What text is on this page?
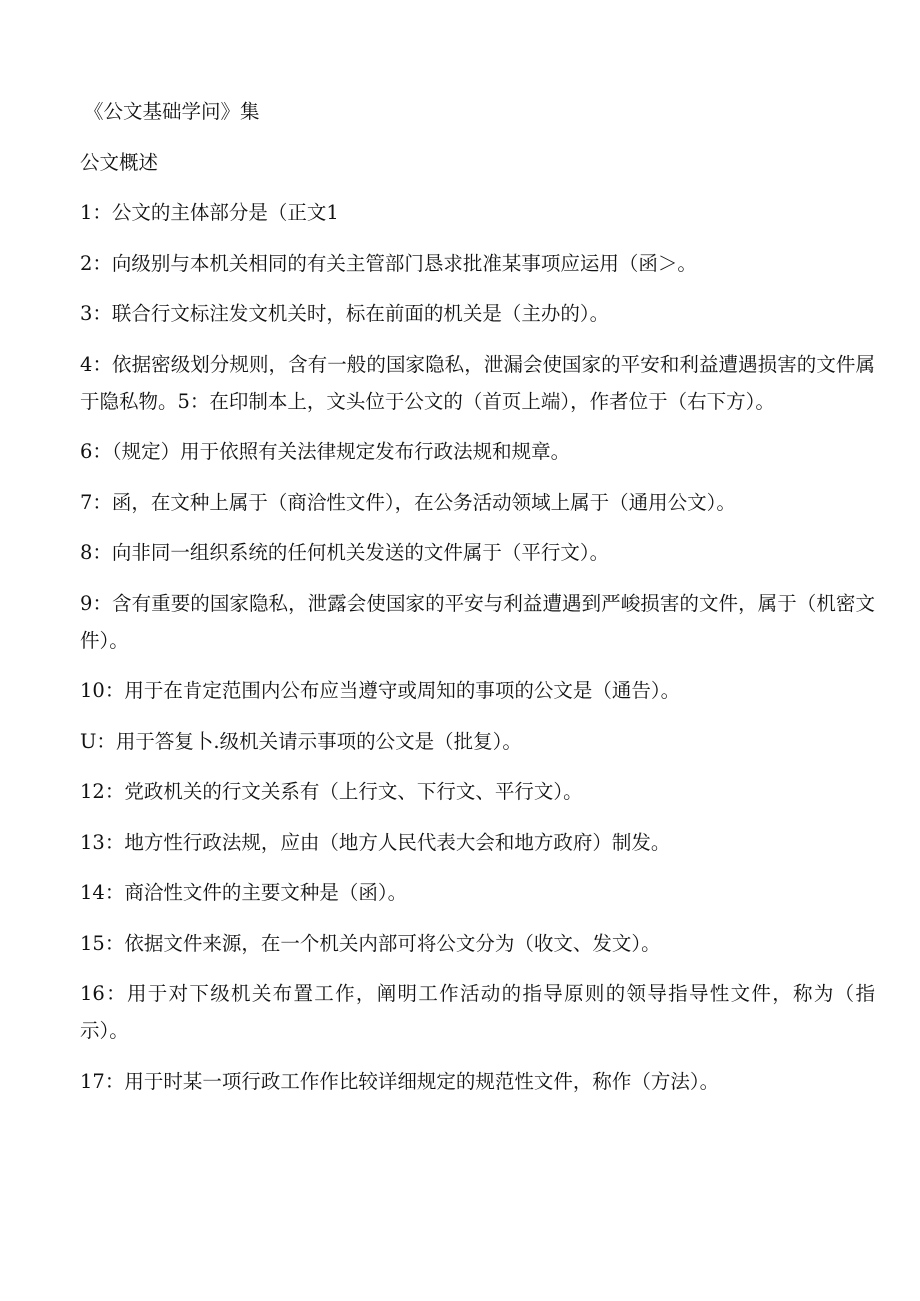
《公文基础学问》集

公文概述

1：公文的主体部分是（正文1

2：向级别与本机关相同的有关主管部门恳求批准某事项应运用（函＞。

3：联合行文标注发文机关时，标在前面的机关是（主办的）。

4：依据密级划分规则，含有一般的国家隐私，泄漏会使国家的平安和利益遭遇损害的文件属于隐私物。5：在印制本上，文头位于公文的（首页上端），作者位于（右下方）。

6：（规定）用于依照有关法律规定发布行政法规和规章。

7：函，在文种上属于（商洽性文件），在公务活动领域上属于（通用公文）。

8：向非同一组织系统的任何机关发送的文件属于（平行文）。

9：含有重要的国家隐私，泄露会使国家的平安与利益遭遇到严峻损害的文件，属于（机密文件）。

10：用于在肯定范围内公布应当遵守或周知的事项的公文是（通告）。

U：用于答复卜.级机关请示事项的公文是（批复）。

12：党政机关的行文关系有（上行文、下行文、平行文）。

13：地方性行政法规，应由（地方人民代表大会和地方政府）制发。

14：商洽性文件的主要文种是（函）。

15：依据文件来源，在一个机关内部可将公文分为（收文、发文）。

16：用于对下级机关布置工作，阐明工作活动的指导原则的领导指导性文件，称为（指示）。

17：用于时某一项行政工作作比较详细规定的规范性文件，称作（方法）。
